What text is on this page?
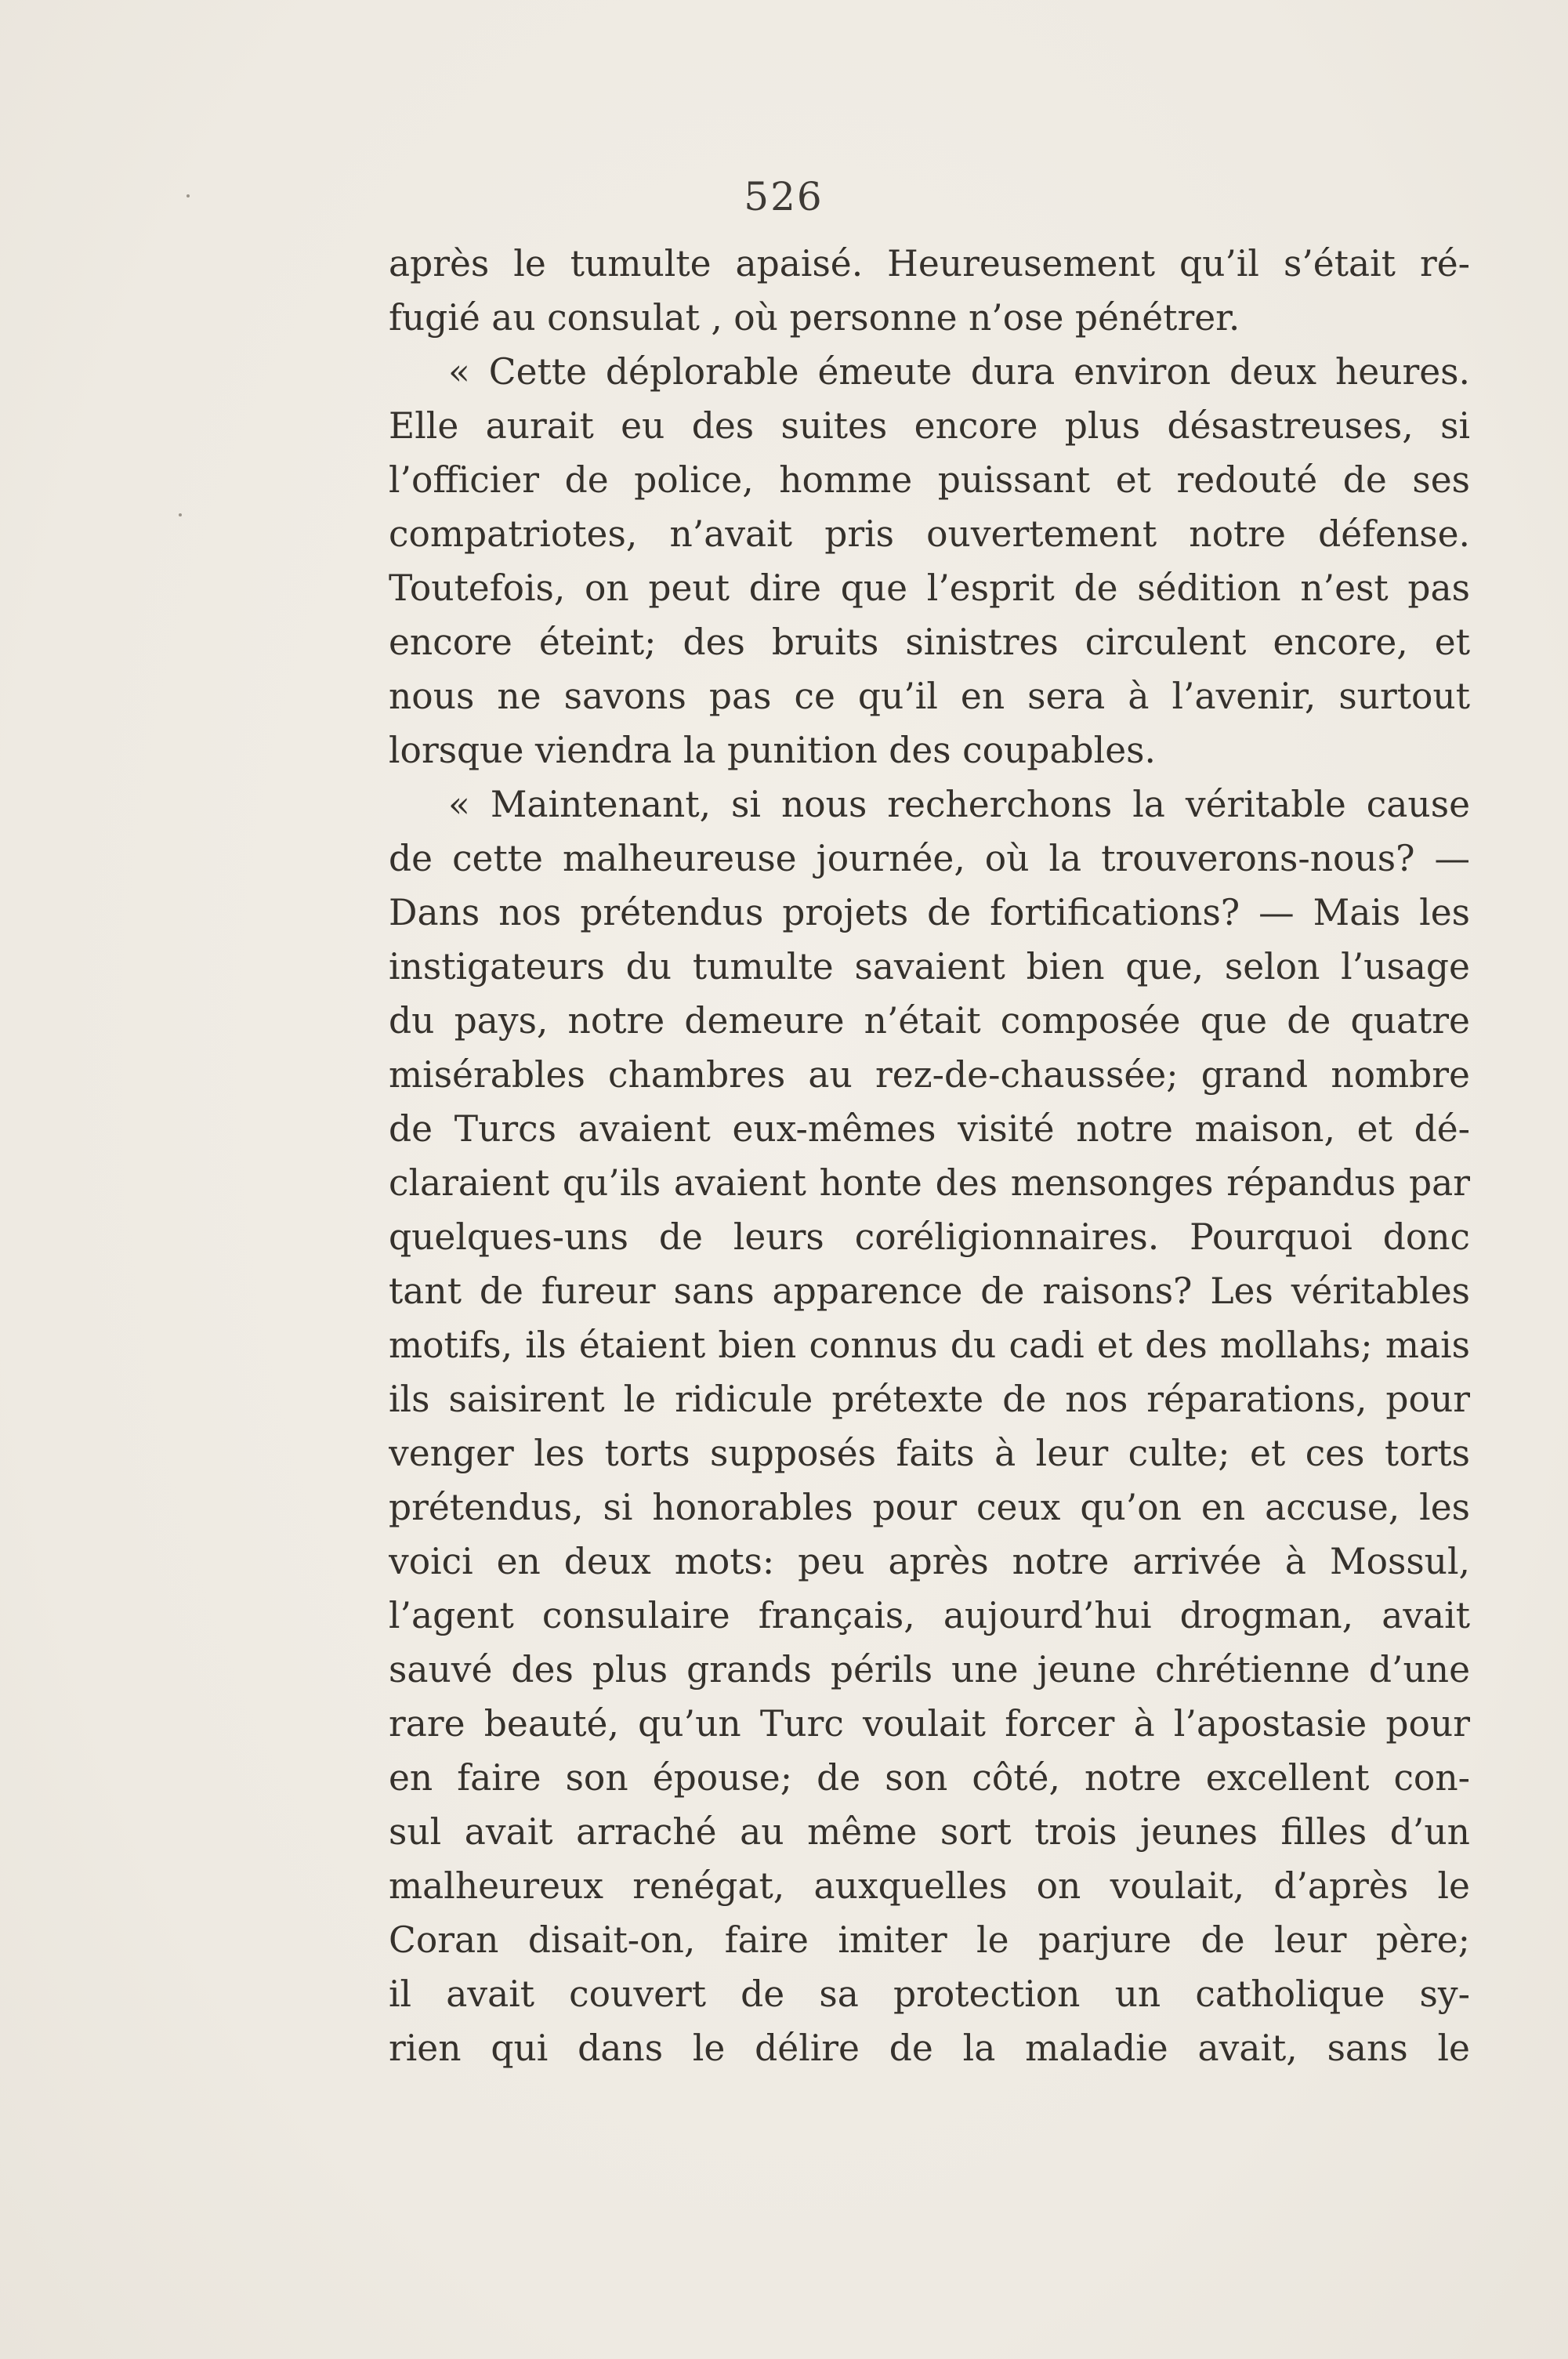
526
après le tumulte apaisé. Heureusement qu’il s’était ré-
fugié au consulat , où personne n’ose pénétrer.
« Cette déplorable émeute dura environ deux heures.
Elle aurait eu des suites encore plus désastreuses, si
l’officier de police, homme puissant et redouté de ses
compatriotes, n’avait pris ouvertement notre défense.
Toutefois, on peut dire que l’esprit de sédition n’est pas
encore éteint; des bruits sinistres circulent encore, et
nous ne savons pas ce qu’il en sera à l’avenir, surtout
lorsque viendra la punition des coupables.
« Maintenant, si nous recherchons la véritable cause
de cette malheureuse journée, où la trouverons-nous? —
Dans nos prétendus projets de fortifications? — Mais les
instigateurs du tumulte savaient bien que, selon l’usage
du pays, notre demeure n’était composée que de quatre
misérables chambres au rez-de-chaussée; grand nombre
de Turcs avaient eux-mêmes visité notre maison, et dé-
claraient qu’ils avaient honte des mensonges répandus par
quelques-uns de leurs coréligionnaires. Pourquoi donc
tant de fureur sans apparence de raisons? Les véritables
motifs, ils étaient bien connus du cadi et des mollahs; mais
ils saisirent le ridicule prétexte de nos réparations, pour
venger les torts supposés faits à leur culte; et ces torts
prétendus, si honorables pour ceux qu’on en accuse, les
voici en deux mots: peu après notre arrivée à Mossul,
l’agent consulaire français, aujourd’hui drogman, avait
sauvé des plus grands périls une jeune chrétienne d’une
rare beauté, qu’un Turc voulait forcer à l’apostasie pour
en faire son épouse; de son côté, notre excellent con-
sul avait arraché au même sort trois jeunes filles d’un
malheureux renégat, auxquelles on voulait, d’après le
Coran disait-on, faire imiter le parjure de leur père;
il avait couvert de sa protection un catholique sy-
rien qui dans le délire de la maladie avait, sans le
